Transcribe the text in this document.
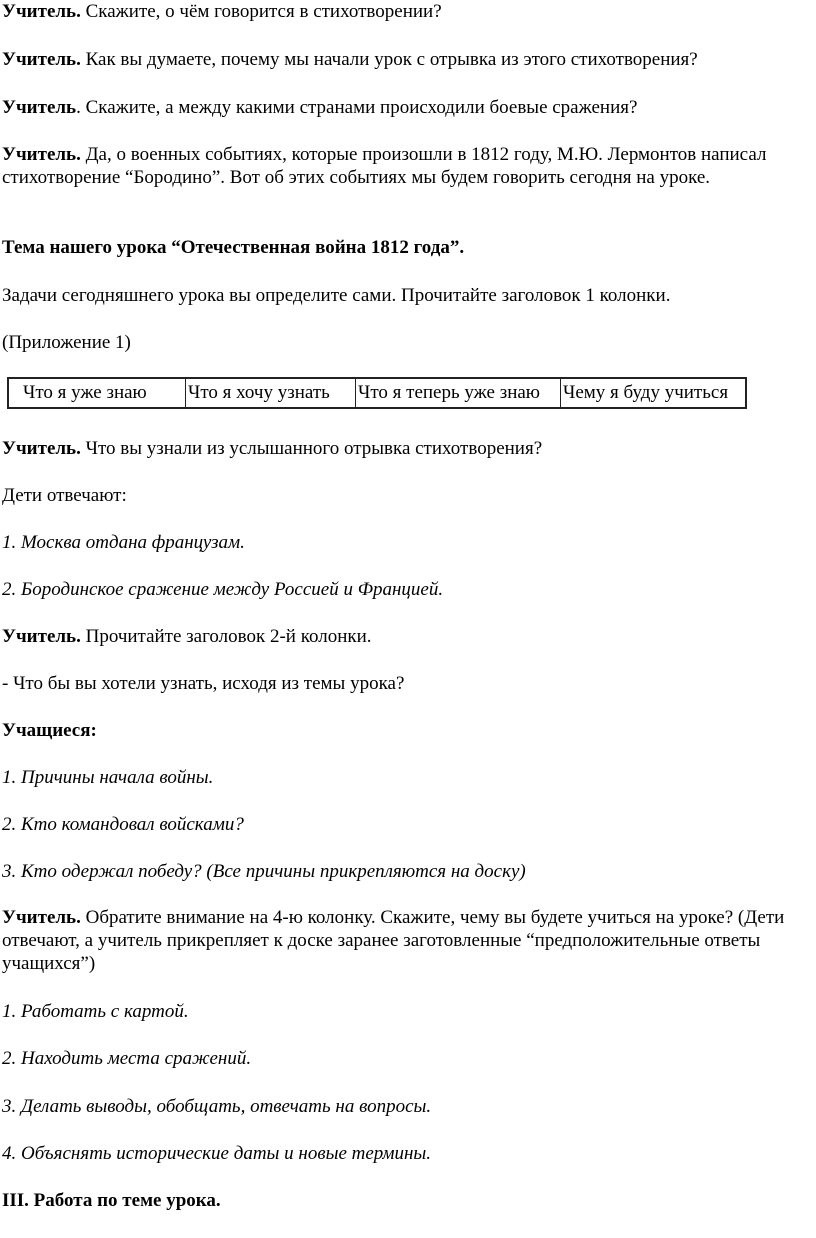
Учитель. Скажите, о чём говорится в стихотворении?

Учитель. Как вы думаете, почему мы начали урок с отрывка из этого стихотворения?

Учитель. Скажите, а между какими странами происходили боевые сражения?

Учитель. Да, о военных событиях, которые произошли в 1812 году, М.Ю. Лермонтов написал стихотворение “Бородино”. Вот об этих событиях мы будем говорить сегодня на уроке.

Тема нашего урока “Отечественная война 1812 года”.

Задачи сегодняшнего урока вы определите сами. Прочитайте заголовок 1 колонки.

(Приложение 1)

Что я уже знаю	Что я хочу узнать	Что я теперь уже знаю	Чему я буду учиться

Учитель. Что вы узнали из услышанного отрывка стихотворения?

Дети отвечают:

1. Москва отдана французам.

2. Бородинское сражение между Россией и Францией.

Учитель. Прочитайте заголовок 2-й колонки.

- Что бы вы хотели узнать, исходя из темы урока?

Учащиеся:

1. Причины начала войны.

2. Кто командовал войсками?

3. Кто одержал победу? (Все причины прикрепляются на доску)

Учитель. Обратите внимание на 4-ю колонку. Скажите, чему вы будете учиться на уроке? (Дети отвечают, а учитель прикрепляет к доске заранее заготовленные “предположительные ответы учащихся”)

1. Работать с картой.

2. Находить места сражений.

3. Делать выводы, обобщать, отвечать на вопросы.

4. Объяснять исторические даты и новые термины.

III. Работа по теме урока.
